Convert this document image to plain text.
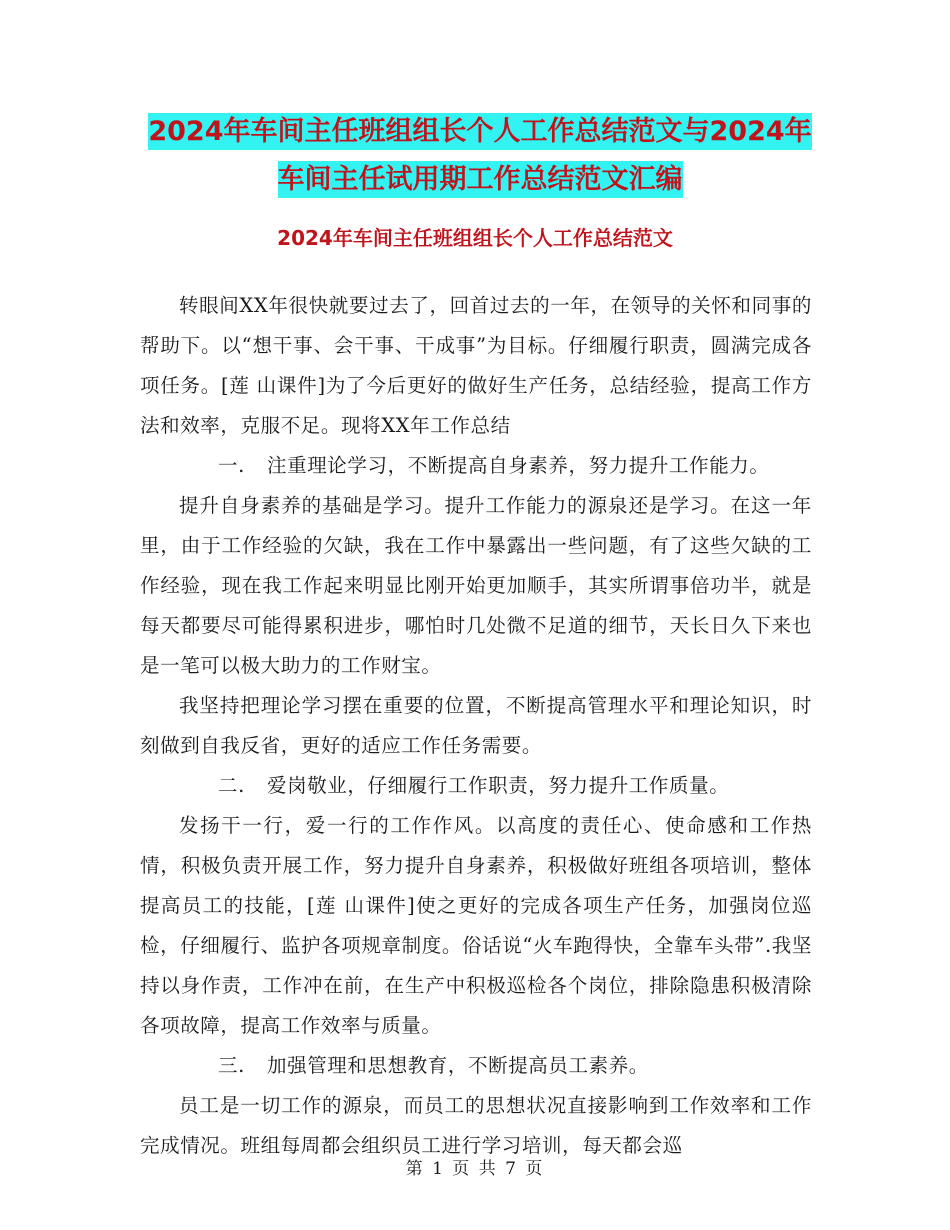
2024年车间主任班组组长个人工作总结范文与2024年
车间主任试用期工作总结范文汇编
2024年车间主任班组组长个人工作总结范文

转眼间XX年很快就要过去了，回首过去的一年，在领导的关怀和同事的帮助下。以“想干事、会干事、干成事”为目标。仔细履行职责，圆满完成各项任务。[莲 山课件]为了今后更好的做好生产任务，总结经验，提高工作方法和效率，克服不足。现将XX年工作总结

一. 注重理论学习，不断提高自身素养，努力提升工作能力。

提升自身素养的基础是学习。提升工作能力的源泉还是学习。在这一年里，由于工作经验的欠缺，我在工作中暴露出一些问题，有了这些欠缺的工作经验，现在我工作起来明显比刚开始更加顺手，其实所谓事倍功半，就是每天都要尽可能得累积进步，哪怕时几处微不足道的细节，天长日久下来也是一笔可以极大助力的工作财宝。

我坚持把理论学习摆在重要的位置，不断提高管理水平和理论知识，时刻做到自我反省，更好的适应工作任务需要。

二. 爱岗敬业，仔细履行工作职责，努力提升工作质量。

发扬干一行，爱一行的工作作风。以高度的责任心、使命感和工作热情，积极负责开展工作，努力提升自身素养，积极做好班组各项培训，整体提高员工的技能，[莲 山课件]使之更好的完成各项生产任务，加强岗位巡检，仔细履行、监护各项规章制度。俗话说“火车跑得快，全靠车头带”.我坚持以身作责，工作冲在前，在生产中积极巡检各个岗位，排除隐患积极清除各项故障，提高工作效率与质量。

三. 加强管理和思想教育，不断提高员工素养。

员工是一切工作的源泉，而员工的思想状况直接影响到工作效率和工作完成情况。班组每周都会组织员工进行学习培训，每天都会巡

第 1 页 共 7 页
